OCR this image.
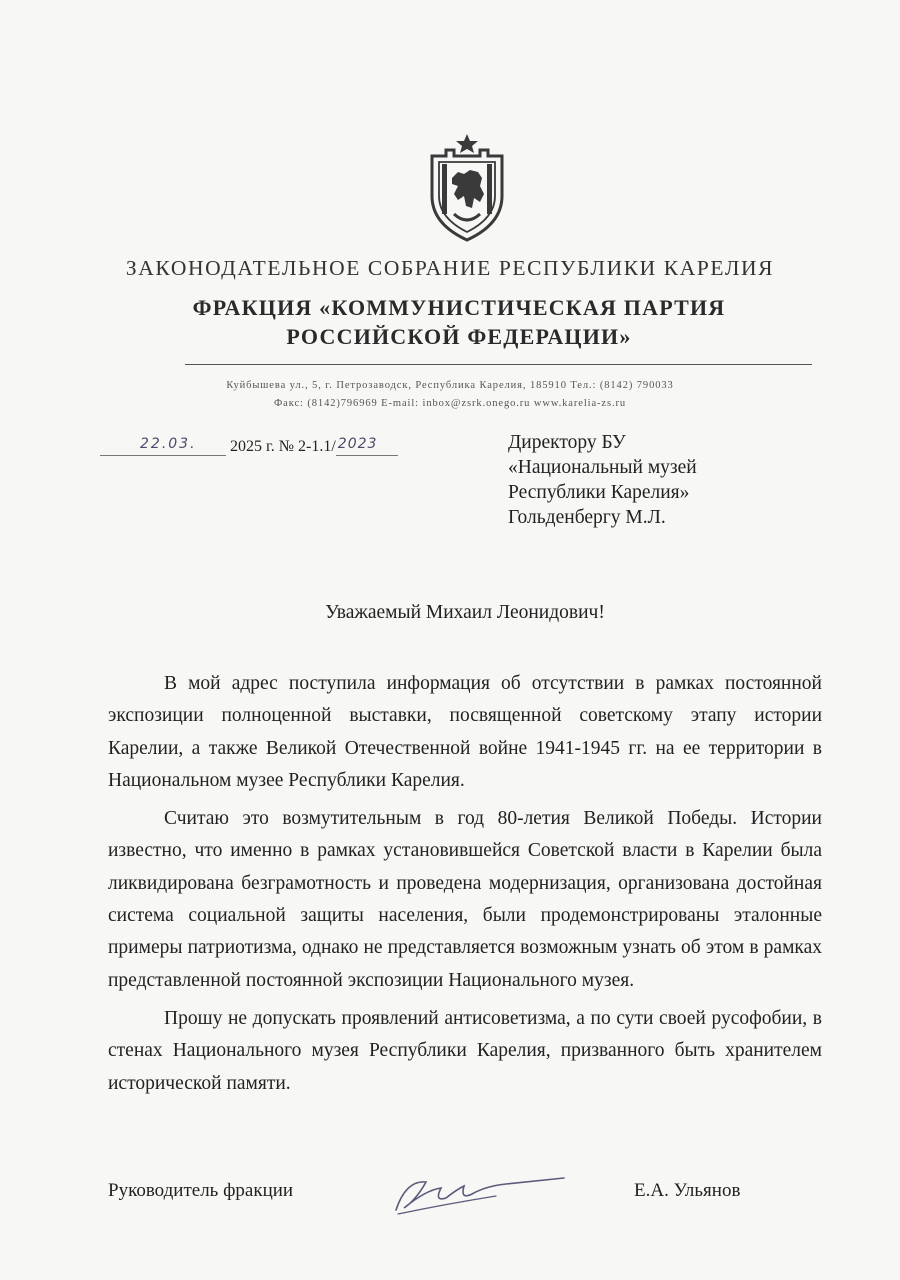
ЗАКОНОДАТЕЛЬНОЕ СОБРАНИЕ РЕСПУБЛИКИ КАРЕЛИЯ
ФРАКЦИЯ «КОММУНИСТИЧЕСКАЯ ПАРТИЯ
РОССИЙСКОЙ ФЕДЕРАЦИИ»
Куйбышева ул., 5, г. Петрозаводск, Республика Карелия, 185910 Тел.: (8142) 790033
Факс: (8142)796969 E-mail: inbox@zsrk.onego.ru www.karelia-zs.ru
22.03. 2025 г. № 2-1.1/ 2023	Директору БУ
«Национальный музей
Республики Карелия»
Гольденбергу М.Л.
Уважаемый Михаил Леонидович!

В мой адрес поступила информация об отсутствии в рамках постоянной экспозиции полноценной выставки, посвященной советскому этапу истории Карелии, а также Великой Отечественной войне 1941-1945 гг. на ее территории в Национальном музее Республики Карелия.

Считаю это возмутительным в год 80-летия Великой Победы. Истории известно, что именно в рамках установившейся Советской власти в Карелии была ликвидирована безграмотность и проведена модернизация, организована достойная система социальной защиты населения, были продемонстрированы эталонные примеры патриотизма, однако не представляется возможным узнать об этом в рамках представленной постоянной экспозиции Национального музея.

Прошу не допускать проявлений антисоветизма, а по сути своей русофобии, в стенах Национального музея Республики Карелия, призванного быть хранителем исторической памяти.

Руководитель фракции	Е.А. Ульянов
